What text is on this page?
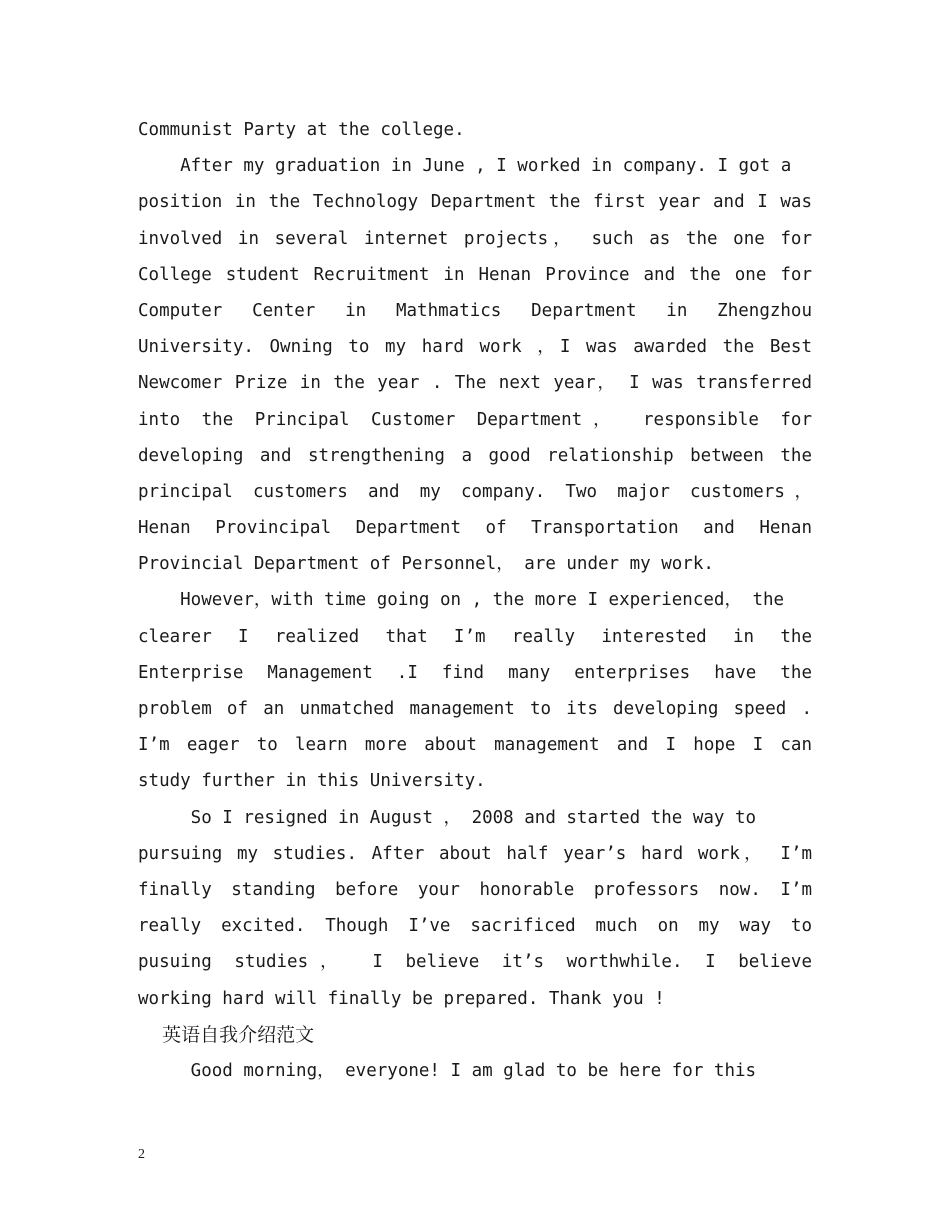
Communist Party at the college.
After my graduation in June , I worked in company. I got a
position in the Technology Department the first year and I was
involved in several internet projects， such as the one for
College student Recruitment in Henan Province and the one for
Computer Center in Mathmatics Department in Zhengzhou
University. Owning to my hard work ，I was awarded the Best
Newcomer Prize in the year . The next year， I was transferred
into the Principal Customer Department， responsible for
developing and strengthening a good relationship between the
principal customers and my company. Two major customers，
Henan Provincipal Department of Transportation and Henan
Provincial Department of Personnel， are under my work.
However，with time going on , the more I experienced， the
clearer I realized that I’m really interested in the
Enterprise Management .I find many enterprises have the
problem of an unmatched management to its developing speed .
I’m eager to learn more about management and I hope I can
study further in this University.
So I resigned in August ， 2008 and started the way to
pursuing my studies. After about half year’s hard work， I’m
finally standing before your honorable professors now. I’m
really excited. Though I’ve sacrificed much on my way to
pusuing studies， I believe it’s worthwhile. I believe
working hard will finally be prepared. Thank you !
英语自我介绍范文
Good morning， everyone! I am glad to be here for this
2
